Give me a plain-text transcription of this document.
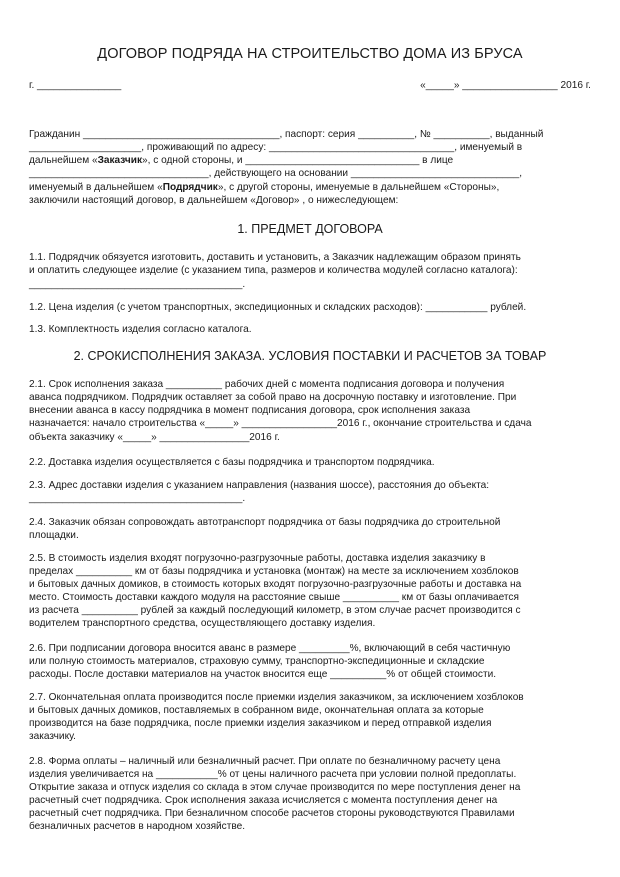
ДОГОВОР ПОДРЯДА НА СТРОИТЕЛЬСТВО ДОМА ИЗ БРУСА
г. _______________	«_____» _________________ 2016 г.
Гражданин ___________________________________, паспорт: серия __________, № __________, выданный
____________________, проживающий по адресу: _________________________________, именуемый в
дальнейшем «Заказчик», с одной стороны, и _______________________________ в лице
________________________________, действующего на основании ______________________________,
именуемый в дальнейшем «Подрядчик», с другой стороны, именуемые в дальнейшем «Стороны»,
заключили настоящий договор, в дальнейшем «Договор» , о нижеследующем:
1. ПРЕДМЕТ ДОГОВОРА
1.1. Подрядчик обязуется изготовить, доставить и установить, а Заказчик надлежащим образом принять
и оплатить следующее изделие (с указанием типа, размеров и количества модулей согласно каталога):
______________________________________.
1.2. Цена изделия (с учетом транспортных, экспедиционных и складских расходов): ___________ рублей.
1.3. Комплектность изделия согласно каталога.
2. СРОКИСПОЛНЕНИЯ ЗАКАЗА. УСЛОВИЯ ПОСТАВКИ И РАСЧЕТОВ ЗА ТОВАР
2.1. Срок исполнения заказа __________ рабочих дней с момента подписания договора и получения
аванса подрядчиком. Подрядчик оставляет за собой право на досрочную поставку и изготовление. При
внесении аванса в кассу подрядчика в момент подписания договора, срок исполнения заказа
назначается: начало строительства «_____» _________________2016 г., окончание строительства и сдача
объекта заказчику «_____» ________________2016 г.
2.2. Доставка изделия осуществляется с базы подрядчика и транспортом подрядчика.
2.3. Адрес доставки изделия с указанием направления (названия шоссе), расстояния до объекта:
______________________________________.
2.4. Заказчик обязан сопровождать автотранспорт подрядчика от базы подрядчика до строительной
площадки.
2.5. В стоимость изделия входят погрузочно-разгрузочные работы, доставка изделия заказчику в
пределах __________ км от базы подрядчика и установка (монтаж) на месте за исключением хозблоков
и бытовых дачных домиков, в стоимость которых входят погрузочно-разгрузочные работы и доставка на
место. Стоимость доставки каждого модуля на расстояние свыше __________ км от базы оплачивается
из расчета __________ рублей за каждый последующий километр, в этом случае расчет производится с
водителем транспортного средства, осуществляющего доставку изделия.
2.6. При подписании договора вносится аванс в размере _________%, включающий в себя частичную
или полную стоимость материалов, страховую сумму, транспортно-экспедиционные и складские
расходы. После доставки материалов на участок вносится еще __________% от общей стоимости.
2.7. Окончательная оплата производится после приемки изделия заказчиком, за исключением хозблоков
и бытовых дачных домиков, поставляемых в собранном виде, окончательная оплата за которые
производится на базе подрядчика, после приемки изделия заказчиком и перед отправкой изделия
заказчику.
2.8. Форма оплаты – наличный или безналичный расчет. При оплате по безналичному расчету цена
изделия увеличивается на ___________% от цены наличного расчета при условии полной предоплаты.
Открытие заказа и отпуск изделия со склада в этом случае производится по мере поступления денег на
расчетный счет подрядчика. Срок исполнения заказа исчисляется с момента поступления денег на
расчетный счет подрядчика. При безналичном способе расчетов стороны руководствуются Правилами
безналичных расчетов в народном хозяйстве.
